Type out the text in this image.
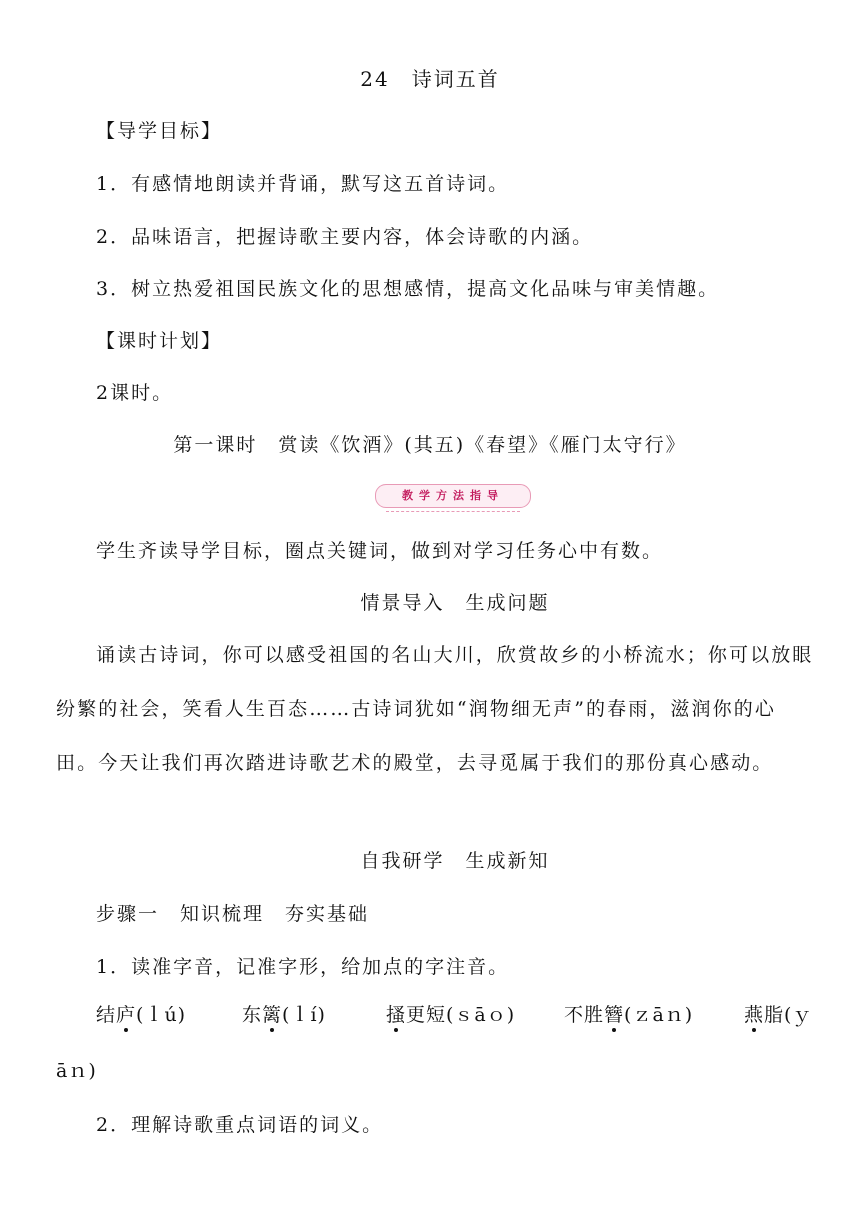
24　诗词五首
【导学目标】
1．有感情地朗读并背诵，默写这五首诗词。
2．品味语言，把握诗歌主要内容，体会诗歌的内涵。
3．树立热爱祖国民族文化的思想感情，提高文化品味与审美情趣。
【课时计划】
2课时。
第一课时　赏读《饮酒》(其五)《春望》《雁门太守行》
教学方法指导
学生齐读导学目标，圈点关键词，做到对学习任务心中有数。
情景导入　生成问题
诵读古诗词，你可以感受祖国的名山大川，欣赏故乡的小桥流水；你可以放眼纷繁的社会，笑看人生百态……古诗词犹如“润物细无声”的春雨，滋润你的心田。今天让我们再次踏进诗歌艺术的殿堂，去寻觅属于我们的那份真心感动。
自我研学　生成新知
步骤一　知识梳理　夯实基础
1．读准字音，记准字形，给加点的字注音。
结庐(ｌú)	东篱(ｌí)	搔更短(ｓāｏ)	不胜簪(ｚāｎ)	燕脂(ｙ
āｎ)
2．理解诗歌重点词语的词义。
